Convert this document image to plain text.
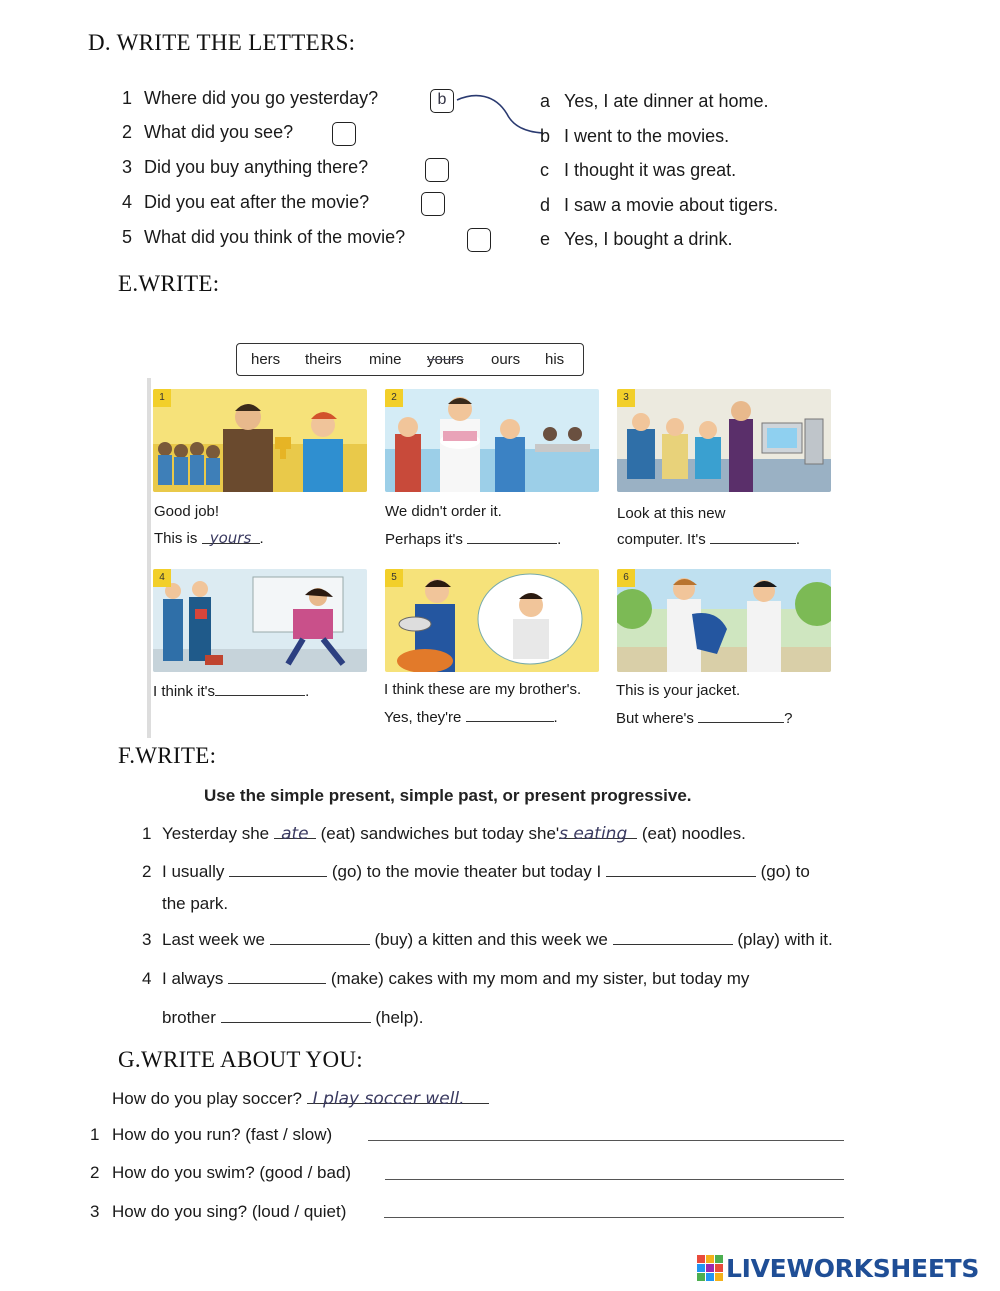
D. WRITE THE LETTERS:
1 Where did you go yesterday?	b
2 What did you see?
3 Did you buy anything there?
4 Did you eat after the movie?
5 What did you think of the movie?
a Yes, I ate dinner at home.
b I went to the movies.
c I thought it was great.
d I saw a movie about tigers.
e Yes, I bought a drink.
E.WRITE:
hers theirs mine yours ours his
1	2	3
Good job!
This is yours .
We didn't order it.
Perhaps it's	.
Look at this new
computer. It's	.
4	5	6
I think it's	.	I think these are my brother's.
Yes, they're	.
This is your jacket.
But where's	?
F.WRITE:
Use the simple present, simple past, or present progressive.
1 Yesterday she ate (eat) sandwiches but today she's eating (eat) noodles.
2 I usually	(go) to the movie theater but today I	(go) to
the park.
3 Last week we	(buy) a kitten and this week we	(play) with it.
4 I always	(make) cakes with my mom and my sister, but today my
brother	(help).
G.WRITE ABOUT YOU:
How do you play soccer? I play soccer well.
1 How do you run? (fast / slow)
2 How do you swim? (good / bad)
3 How do you sing? (loud / quiet)
LIVEWORKSHEETS
